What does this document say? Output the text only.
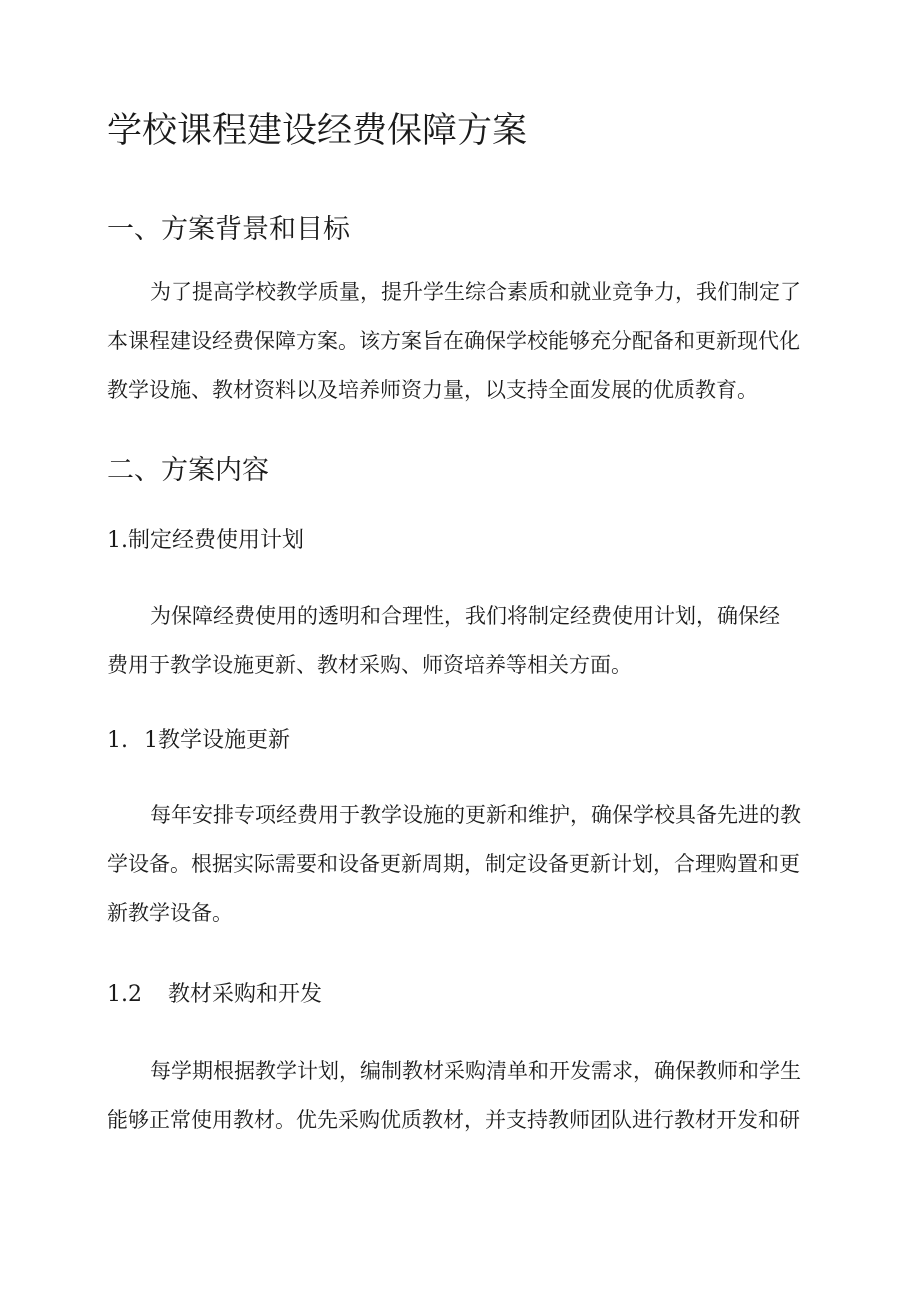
学校课程建设经费保障方案
一、方案背景和目标

为了提高学校教学质量，提升学生综合素质和就业竞争力，我们制定了
本课程建设经费保障方案。该方案旨在确保学校能够充分配备和更新现代化
教学设施、教材资料以及培养师资力量，以支持全面发展的优质教育。

二、方案内容
1.制定经费使用计划

为保障经费使用的透明和合理性，我们将制定经费使用计划，确保经
费用于教学设施更新、教材采购、师资培养等相关方面。

1. 1教学设施更新

每年安排专项经费用于教学设施的更新和维护，确保学校具备先进的教
学设备。根据实际需要和设备更新周期，制定设备更新计划，合理购置和更
新教学设备。

1.2 教材采购和开发

每学期根据教学计划，编制教材采购清单和开发需求，确保教师和学生
能够正常使用教材。优先采购优质教材，并支持教师团队进行教材开发和研
